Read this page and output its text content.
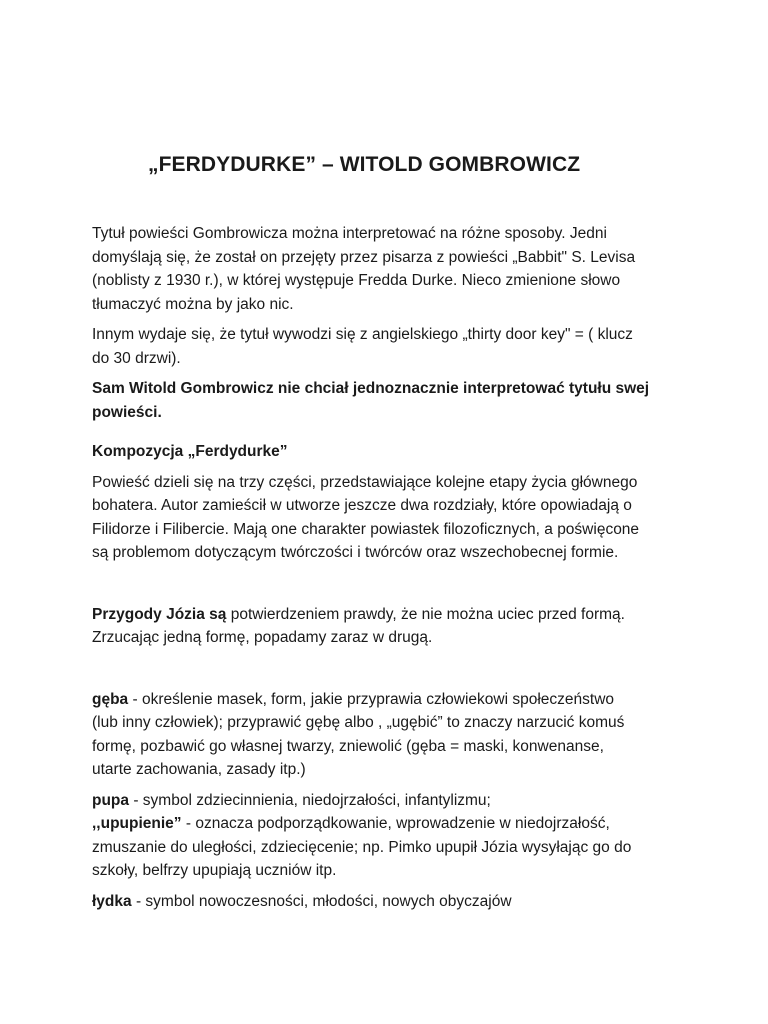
„FERDYDURKE” – WITOLD GOMBROWICZ

Tytuł powieści Gombrowicza można interpretować na różne sposoby. Jedni
domyślają się, że został on przejęty przez pisarza z powieści „Babbit" S. Levisa
(noblisty z 1930 r.), w której występuje Fredda Durke. Nieco zmienione słowo
tłumaczyć można by jako nic.

Innym wydaje się, że tytuł wywodzi się z angielskiego „thirty door key" = ( klucz
do 30 drzwi).

Sam Witold Gombrowicz nie chciał jednoznacznie interpretować tytułu swej
powieści.

Kompozycja „Ferdydurke”

Powieść dzieli się na trzy części, przedstawiające kolejne etapy życia głównego
bohatera. Autor zamieścił w utworze jeszcze dwa rozdziały, które opowiadają o
Filidorze i Filibercie. Mają one charakter powiastek filozoficznych, a poświęcone
są problemom dotyczącym twórczości i twórców oraz wszechobecnej formie.

Przygody Józia są potwierdzeniem prawdy, że nie można uciec przed formą.
Zrzucając jedną formę, popadamy zaraz w drugą.

gęba - określenie masek, form, jakie przyprawia człowiekowi społeczeństwo
(lub inny człowiek); przyprawić gębę albo , „ugębić” to znaczy narzucić komuś
formę, pozbawić go własnej twarzy, zniewolić (gęba = maski, konwenanse,
utarte zachowania, zasady itp.)

pupa - symbol zdziecinnienia, niedojrzałości, infantylizmu;
,,upupienie” - oznacza podporządkowanie, wprowadzenie w niedojrzałość,
zmuszanie do uległości, zdziecięcenie; np. Pimko upupił Józia wysyłając go do
szkoły, belfrzy upupiają uczniów itp.

łydka - symbol nowoczesności, młodości, nowych obyczajów
